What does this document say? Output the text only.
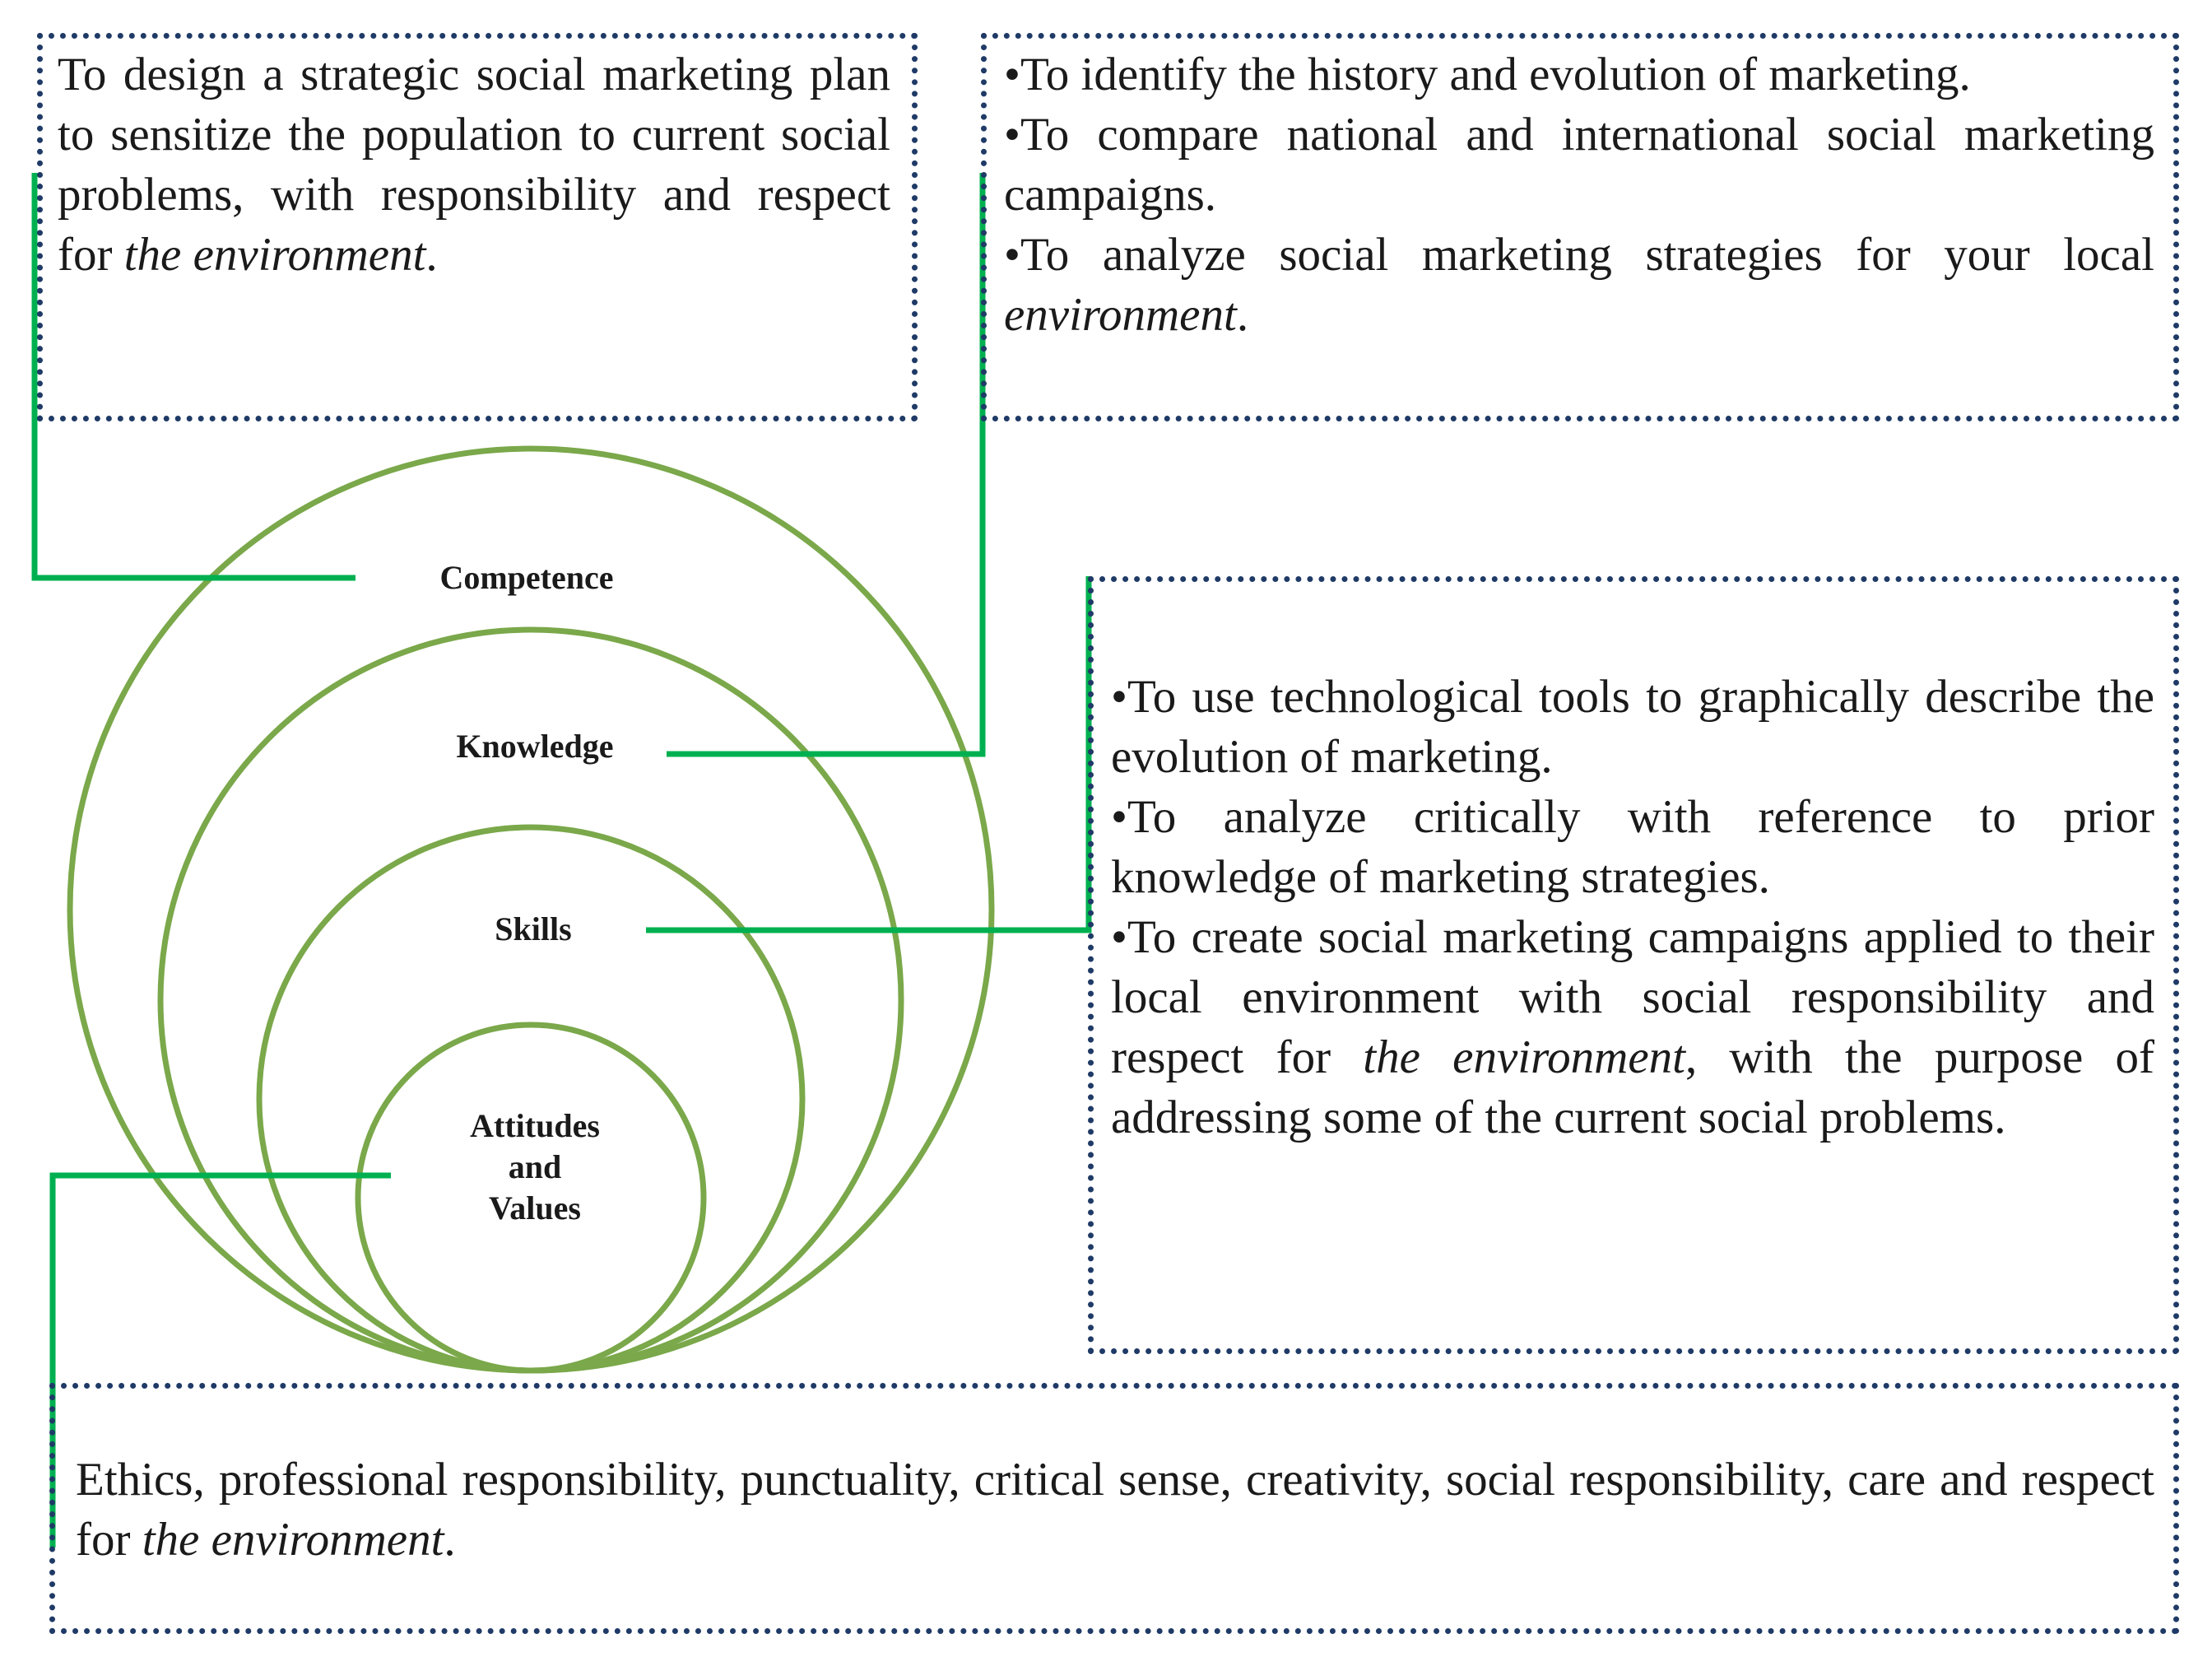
Competence
Knowledge
Skills
Attitudes
and
Values

To design a strategic social marketing plan to sensitize the population to current social problems, with responsibility and respect for the environment.

•To identify the history and evolution of marketing.

•To compare national and international social marketing campaigns.

•To analyze social marketing strategies for your local environment.

•To use technological tools to graphically describe the evolution of marketing.

•To analyze critically with reference to prior knowledge of marketing strategies.

•To create social marketing campaigns applied to their local environment with social responsibility and respect for the environment, with the purpose of addressing some of the current social problems.

Ethics, professional responsibility, punctuality, critical sense, creativity, social responsibility, care and respect for the environment.
